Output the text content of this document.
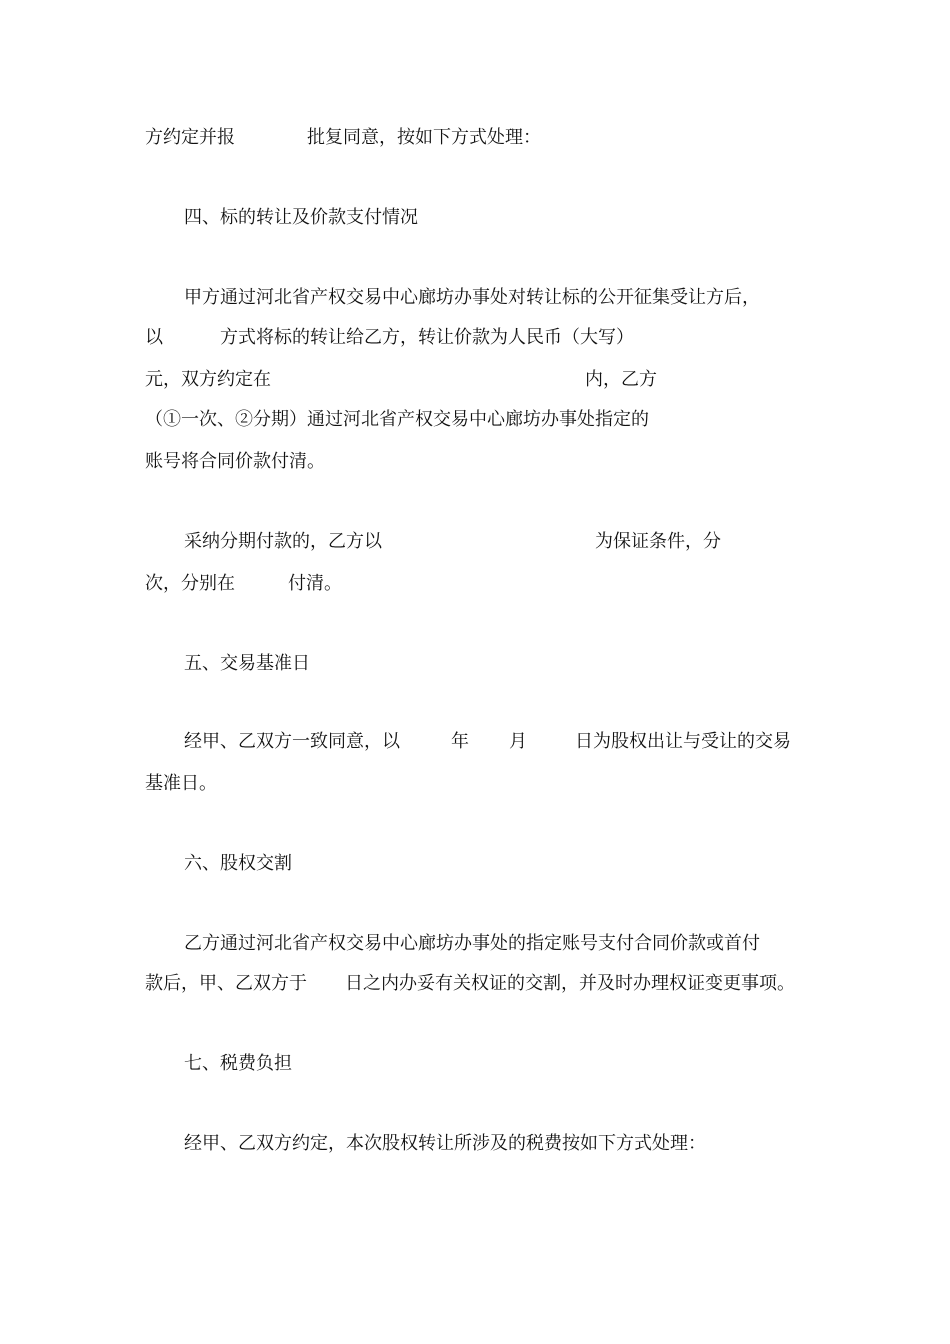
方约定并报	批复同意，按如下方式处理：
四、标的转让及价款支付情况
甲方通过河北省产权交易中心廊坊办事处对转让标的公开征集受让方后，
以	方式将标的转让给乙方，转让价款为人民币（大写）
元，双方约定在	内，乙方
（①一次、②分期）通过河北省产权交易中心廊坊办事处指定的
账号将合同价款付清。
采纳分期付款的，乙方以	为保证条件，分
次，分别在	付清。
五、交易基准日
经甲、乙双方一致同意，以	年 月	日为股权出让与受让的交易
基准日。
六、股权交割
乙方通过河北省产权交易中心廊坊办事处的指定账号支付合同价款或首付
款后，甲、乙双方于 日之内办妥有关权证的交割，并及时办理权证变更事项。
七、税费负担
经甲、乙双方约定，本次股权转让所涉及的税费按如下方式处理：
